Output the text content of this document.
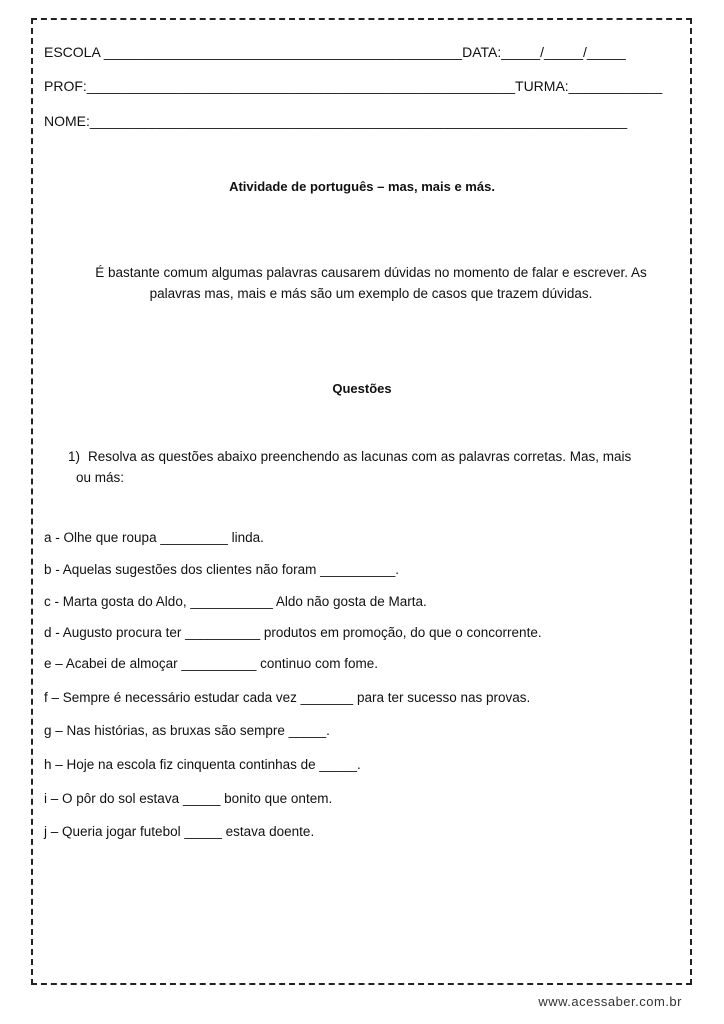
ESCOLA ______________________________________________DATA:_____/_____/_____
PROF:_______________________________________________________TURMA:____________
NOME:_____________________________________________________________________
Atividade de português – mas, mais e más.
É bastante comum algumas palavras causarem dúvidas no momento de falar e escrever. As
palavras mas, mais e más são um exemplo de casos que trazem dúvidas.
Questões
1) Resolva as questões abaixo preenchendo as lacunas com as palavras corretas. Mas, mais
ou más:
a - Olhe que roupa _________ linda.
b - Aquelas sugestões dos clientes não foram __________.
c - Marta gosta do Aldo, ___________ Aldo não gosta de Marta.
d - Augusto procura ter __________ produtos em promoção, do que o concorrente.
e – Acabei de almoçar __________ continuo com fome.
f – Sempre é necessário estudar cada vez _______ para ter sucesso nas provas.
g – Nas histórias, as bruxas são sempre _____.
h – Hoje na escola fiz cinquenta continhas de _____.
i – O pôr do sol estava _____ bonito que ontem.
j – Queria jogar futebol _____ estava doente.
www.acessaber.com.br
